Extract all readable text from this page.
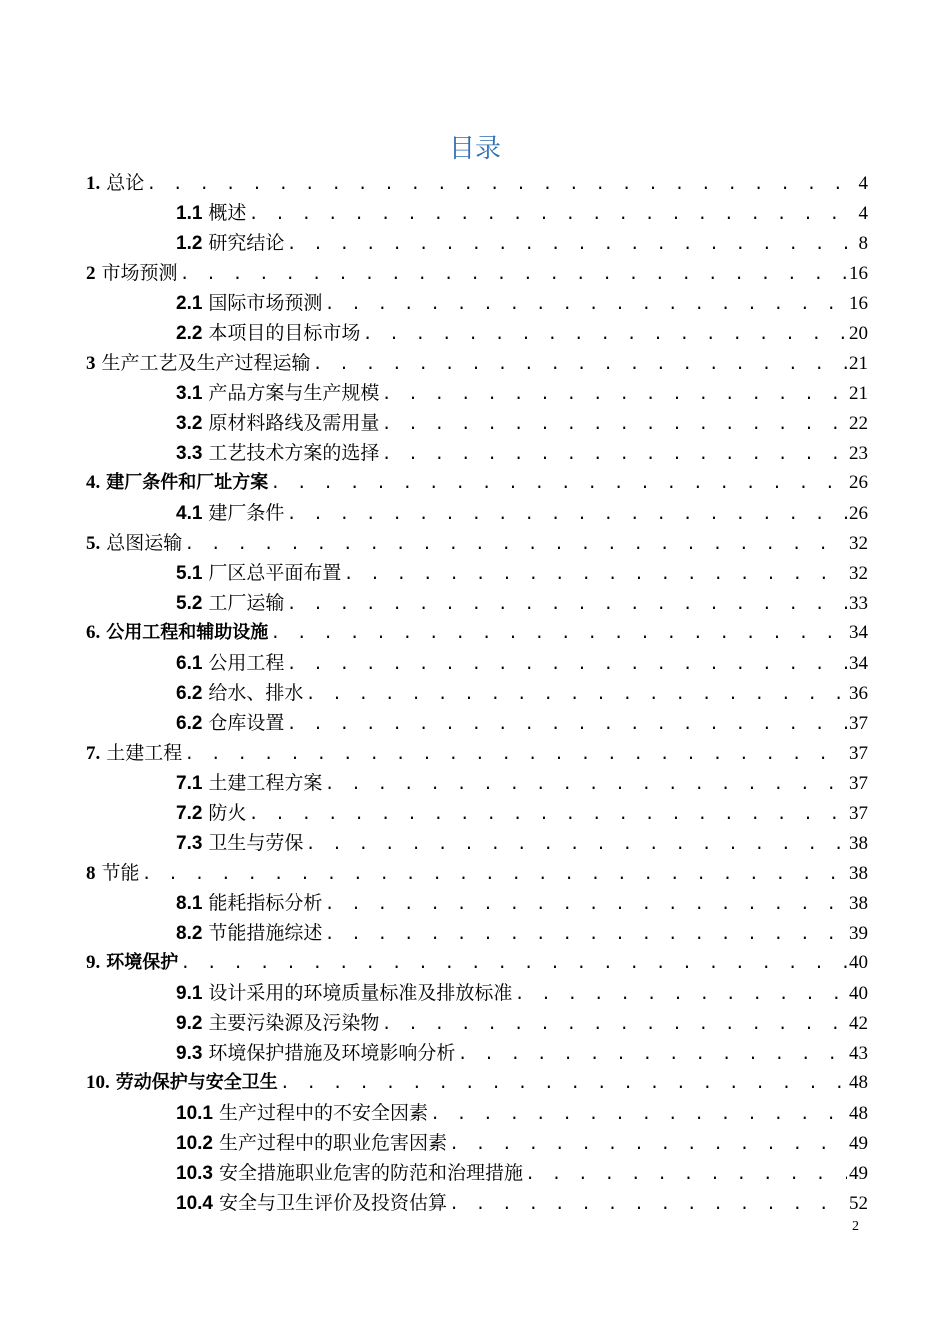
目录
1. 总论 . . .	4
1.1 概述 . . .	4
1.2 研究结论 . . .	8
2 市场预测 . . .	16
2.1 国际市场预测 . . .	16
2.2 本项目的目标市场 . . .	20
3 生产工艺及生产过程运输 . . .	21
3.1 产品方案与生产规模 . . .	21
3.2 原材料路线及需用量 . . .	22
3.3 工艺技术方案的选择 . . .	23
4. 建厂条件和厂址方案 . . .	26
4.1 建厂条件 . . .	26
5. 总图运输 . . .	32
5.1 厂区总平面布置 . . .	32
5.2 工厂运输 . . .	33
6. 公用工程和辅助设施 . . .	34
6.1 公用工程 . . .	34
6.2 给水、排水 . . .	36
6.2 仓库设置 . . .	37
7. 土建工程 . . .	37
7.1 土建工程方案 . . .	37
7.2 防火 . . .	37
7.3 卫生与劳保 . . .	38
8 节能 . . .	38
8.1 能耗指标分析 . . .	38
8.2 节能措施综述 . . .	39
9. 环境保护 . . .	40
9.1 设计采用的环境质量标准及排放标准 . . .	40
9.2 主要污染源及污染物 . . .	42
9.3 环境保护措施及环境影响分析 . . .	43
10. 劳动保护与安全卫生 . . .	48
10.1 生产过程中的不安全因素 . . .	48
10.2 生产过程中的职业危害因素 . . .	49
10.3 安全措施职业危害的防范和治理措施 . . .	49
10.4 安全与卫生评价及投资估算 . . .	52
2
